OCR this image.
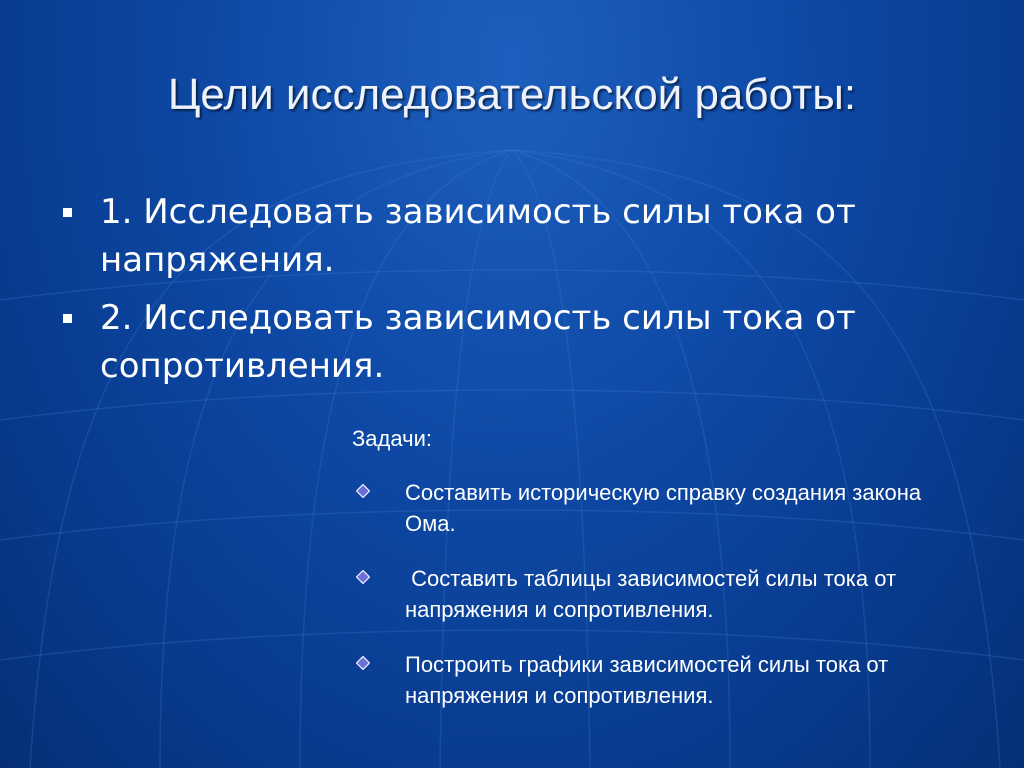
Цели исследовательской работы:
1. Исследовать зависимость силы тока от напряжения.
2. Исследовать зависимость силы тока от сопротивления.
Задачи:
Составить историческую справку создания закона Ома.
Составить таблицы зависимостей силы тока от напряжения и сопротивления.
Построить графики зависимостей силы тока от напряжения и сопротивления.
